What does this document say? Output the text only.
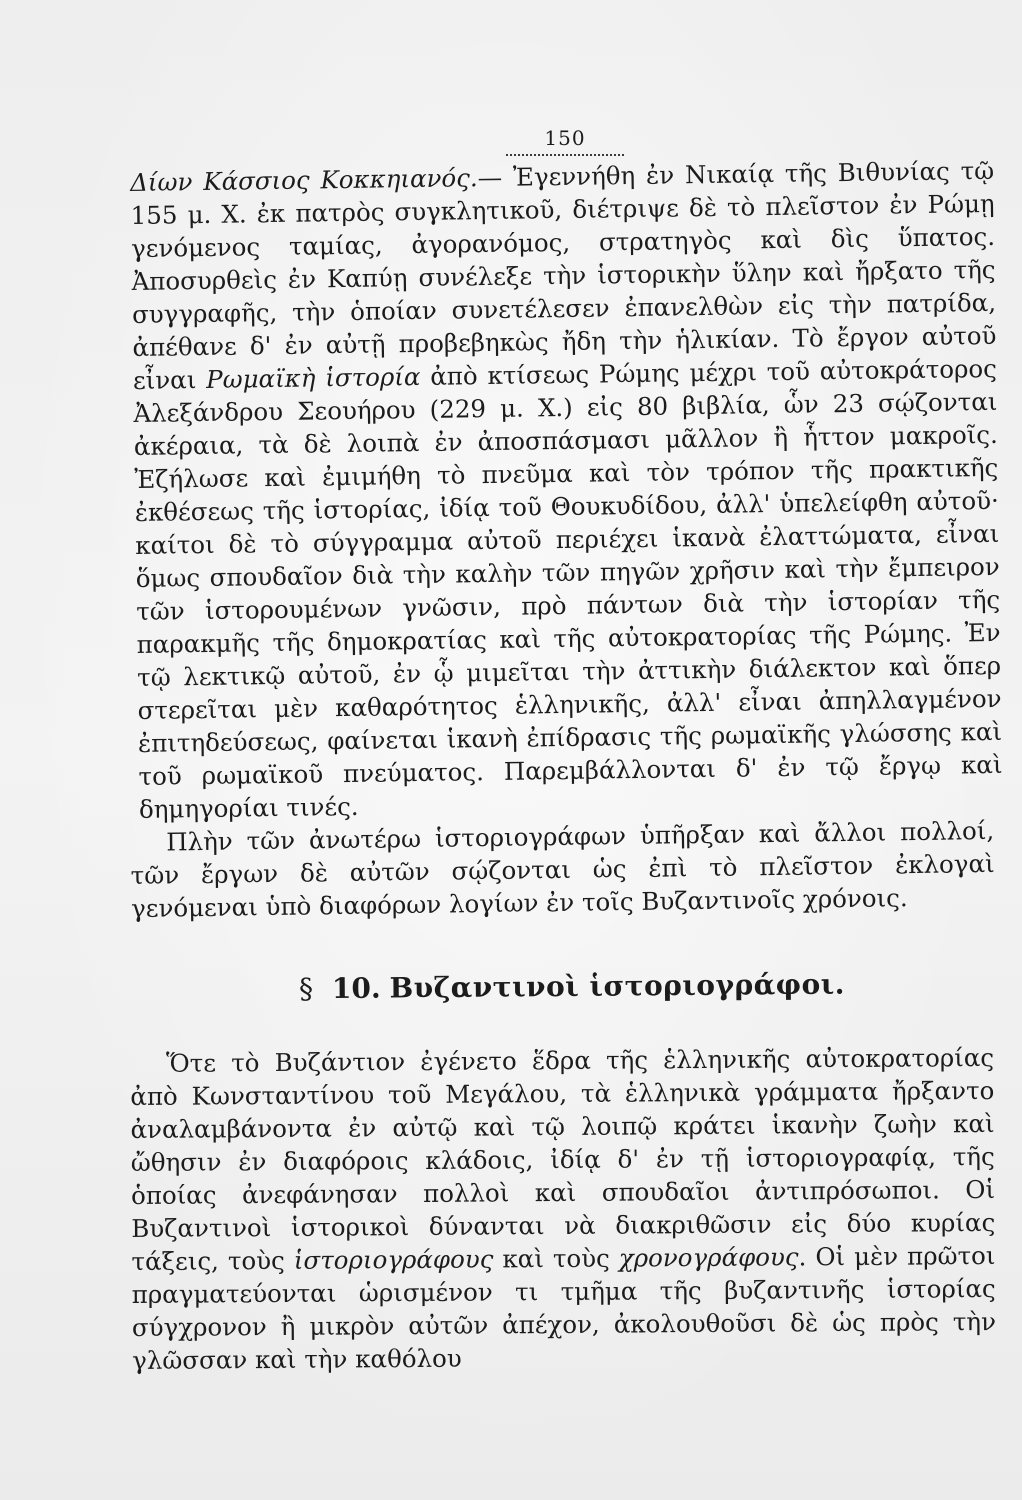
150

Δίων Κάσσιος Κοκκηιανός.— Ἐγεννήθη ἐν Νικαίᾳ τῆς Βιθυνίας τῷ 155 μ. Χ. ἐκ πατρὸς συγκλητικοῦ, διέτριψε δὲ τὸ πλεῖστον ἐν Ρώμῃ γενόμενος ταμίας, ἀγορανόμος, στρατηγὸς καὶ δὶς ὕπατος. Ἀποσυρθεὶς ἐν Καπύῃ συνέλεξε τὴν ἱστορικὴν ὕλην καὶ ἤρξατο τῆς συγγραφῆς, τὴν ὁποίαν συνετέλεσεν ἐπανελθὼν εἰς τὴν πατρίδα, ἀπέθανε δ' ἐν αὐτῇ προβεβηκὼς ἤδη τὴν ἡλικίαν. Τὸ ἔργον αὐτοῦ εἶναι Ρωμαϊκὴ ἱστορία ἀπὸ κτίσεως Ρώμης μέχρι τοῦ αὐτοκράτορος Ἀλεξάνδρου Σεουήρου (229 μ. Χ.) εἰς 80 βιβλία, ὧν 23 σῴζονται ἀκέραια, τὰ δὲ λοιπὰ ἐν ἀποσπάσμασι μᾶλλον ἢ ἧττον μακροῖς. Ἐζήλωσε καὶ ἐμιμήθη τὸ πνεῦμα καὶ τὸν τρόπον τῆς πρακτικῆς ἐκθέσεως τῆς ἱστορίας, ἰδίᾳ τοῦ Θουκυδίδου, ἀλλ' ὑπελείφθη αὐτοῦ· καίτοι δὲ τὸ σύγγραμμα αὐτοῦ περιέχει ἱκανὰ ἐλαττώματα, εἶναι ὅμως σπουδαῖον διὰ τὴν καλὴν τῶν πηγῶν χρῆσιν καὶ τὴν ἔμπειρον τῶν ἱστορουμένων γνῶσιν, πρὸ πάντων διὰ τὴν ἱστορίαν τῆς παρακμῆς τῆς δημοκρατίας καὶ τῆς αὐτοκρατορίας τῆς Ρώμης. Ἐν τῷ λεκτικῷ αὐτοῦ, ἐν ᾧ μιμεῖται τὴν ἀττικὴν διάλεκτον καὶ ὅπερ στερεῖται μὲν καθαρότητος ἑλληνικῆς, ἀλλ' εἶναι ἀπηλλαγμένον ἐπιτηδεύσεως, φαίνεται ἱκανὴ ἐπίδρασις τῆς ρωμαϊκῆς γλώσσης καὶ τοῦ ρωμαϊκοῦ πνεύματος. Παρεμβάλλονται δ' ἐν τῷ ἔργῳ καὶ δημηγορίαι τινές.

Πλὴν τῶν ἀνωτέρω ἱστοριογράφων ὑπῆρξαν καὶ ἄλλοι πολλοί, τῶν ἔργων δὲ αὐτῶν σῴζονται ὡς ἐπὶ τὸ πλεῖστον ἐκλογαὶ γενόμεναι ὑπὸ διαφόρων λογίων ἐν τοῖς Βυζαντινοῖς χρόνοις.

§ 10. Βυζαντινοὶ ἱστοριογράφοι.

Ὅτε τὸ Βυζάντιον ἐγένετο ἕδρα τῆς ἑλληνικῆς αὐτοκρατορίας ἀπὸ Κωνσταντίνου τοῦ Μεγάλου, τὰ ἑλληνικὰ γράμματα ἤρξαντο ἀναλαμβάνοντα ἐν αὐτῷ καὶ τῷ λοιπῷ κράτει ἱκανὴν ζωὴν καὶ ὤθησιν ἐν διαφόροις κλάδοις, ἰδίᾳ δ' ἐν τῇ ἱστοριογραφίᾳ, τῆς ὁποίας ἀνεφάνησαν πολλοὶ καὶ σπουδαῖοι ἀντιπρόσωποι. Οἱ Βυζαντινοὶ ἱστορικοὶ δύνανται νὰ διακριθῶσιν εἰς δύο κυρίας τάξεις, τοὺς ἱστοριογράφους καὶ τοὺς χρονογράφους. Οἱ μὲν πρῶτοι πραγματεύονται ὡρισμένον τι τμῆμα τῆς βυζαντινῆς ἱστορίας σύγχρονον ἢ μικρὸν αὐτῶν ἀπέχον, ἀκολουθοῦσι δὲ ὡς πρὸς τὴν γλῶσσαν καὶ τὴν καθόλου
